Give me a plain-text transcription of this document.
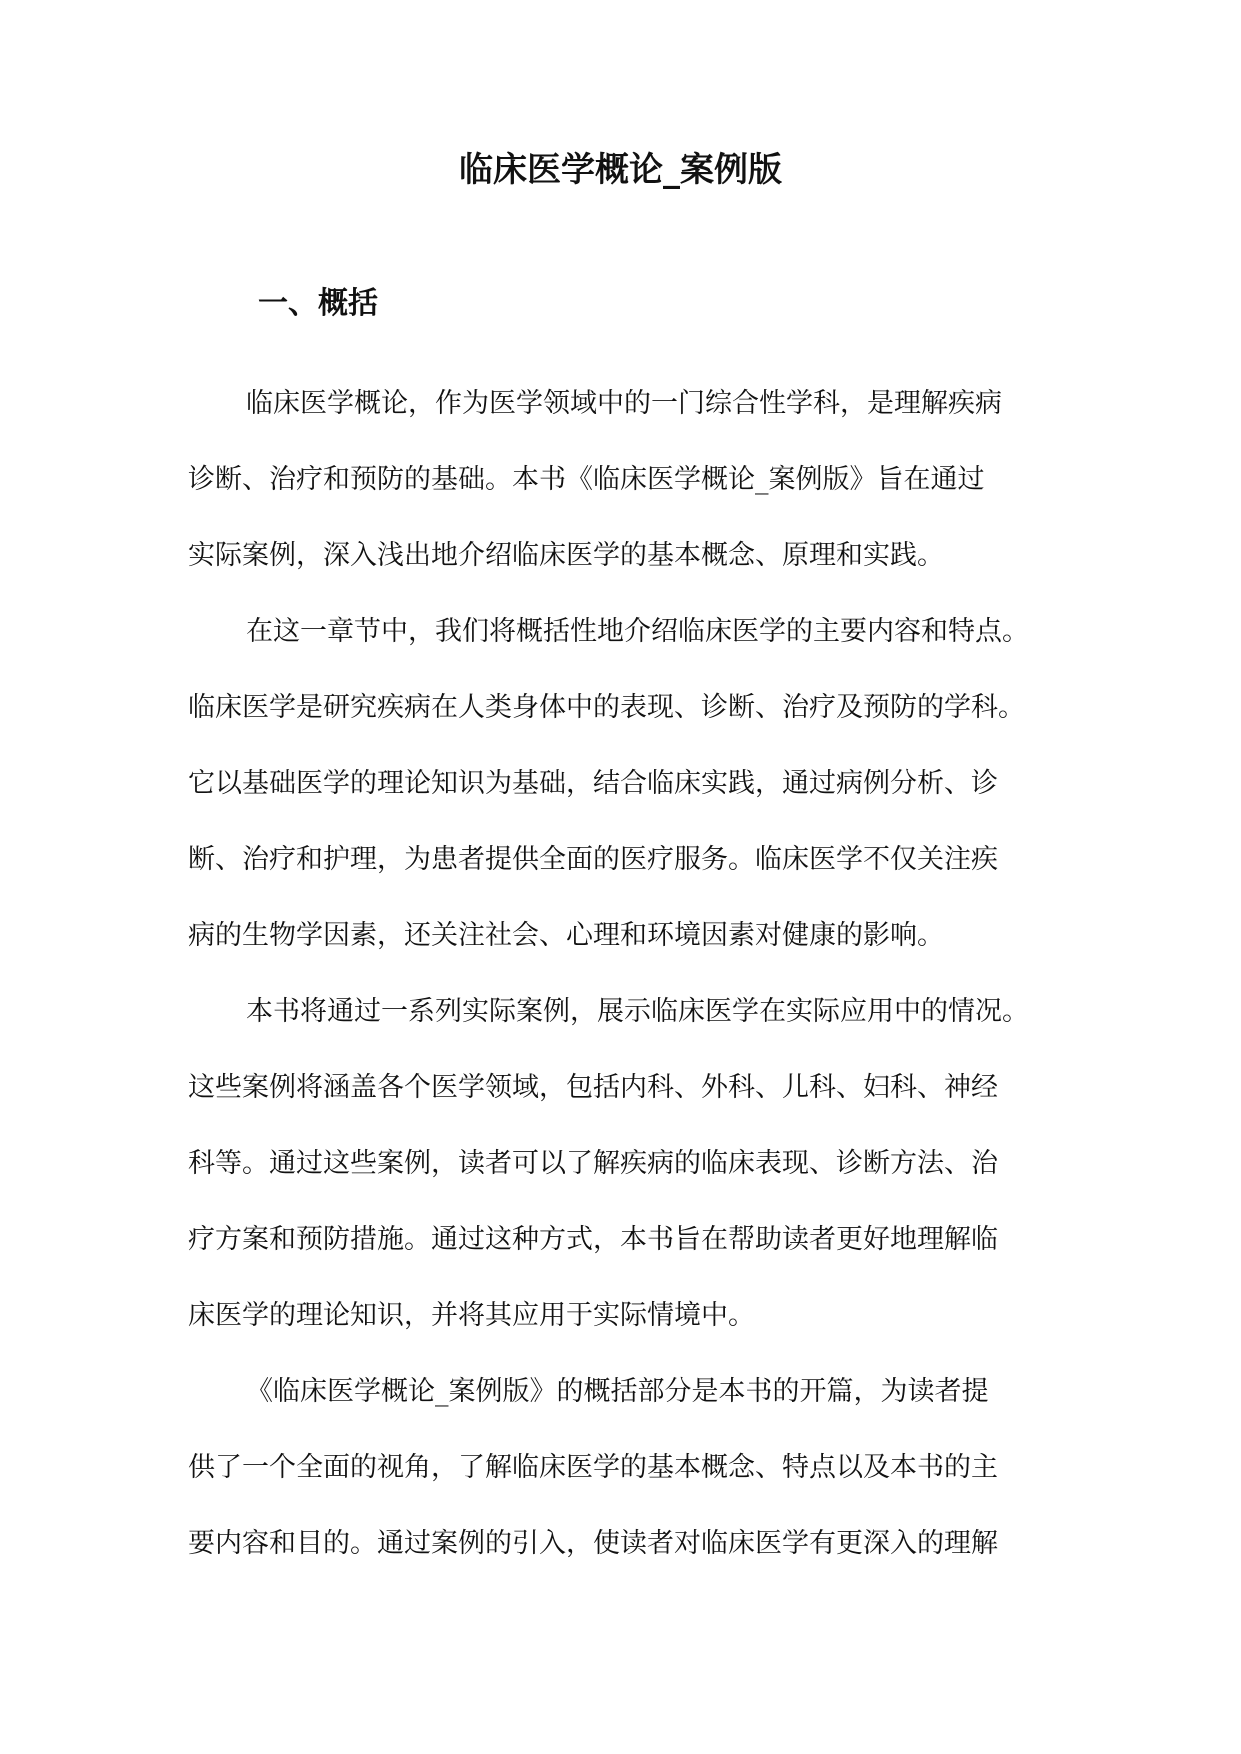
临床医学概论_案例版
一、概括
临床医学概论，作为医学领域中的一门综合性学科，是理解疾病
诊断、治疗和预防的基础。本书《临床医学概论_案例版》旨在通过
实际案例，深入浅出地介绍临床医学的基本概念、原理和实践。
在这一章节中，我们将概括性地介绍临床医学的主要内容和特点。
临床医学是研究疾病在人类身体中的表现、诊断、治疗及预防的学科。
它以基础医学的理论知识为基础，结合临床实践，通过病例分析、诊
断、治疗和护理，为患者提供全面的医疗服务。临床医学不仅关注疾
病的生物学因素，还关注社会、心理和环境因素对健康的影响。
本书将通过一系列实际案例，展示临床医学在实际应用中的情况。
这些案例将涵盖各个医学领域，包括内科、外科、儿科、妇科、神经
科等。通过这些案例，读者可以了解疾病的临床表现、诊断方法、治
疗方案和预防措施。通过这种方式，本书旨在帮助读者更好地理解临
床医学的理论知识，并将其应用于实际情境中。
《临床医学概论_案例版》的概括部分是本书的开篇，为读者提
供了一个全面的视角，了解临床医学的基本概念、特点以及本书的主
要内容和目的。通过案例的引入，使读者对临床医学有更深入的理解
